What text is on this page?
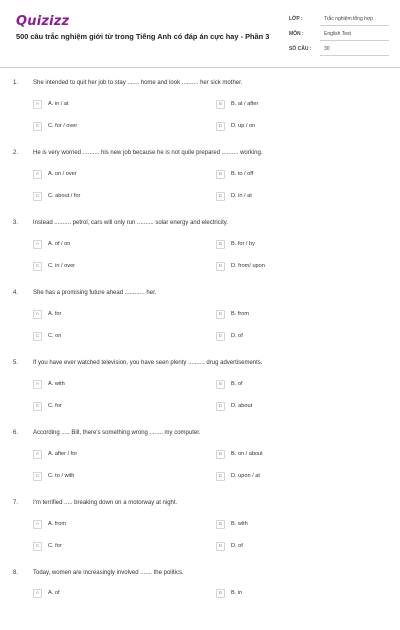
Quizizz
500 câu trắc nghiệm giới từ trong Tiếng Anh có đáp án cực hay - Phần 3
LỚP :	Trắc nghiệm tổng hợp
MÔN :	English Test
SỐ CÂU :	30
1. She intended to quit her job to stay ....... home and look .......... her sick mother.
A	A. in / at	B	B. at / after
C	C. for / over	D	D. up / on
2. He is very worried .......... his new job because he is not quite prepared .......... working.
A	A. on / over	B	B. to / off
C	C. about / for	D	D. in / at
3. Instead .......... petrol, cars will only run .......... solar energy and electricity.
A	A. of / on	B	B. for / by
C	C. in / over	D	D. from/ upon
4. She has a promising future ahead ............ her.
A	A. for	B	B. from
C	C. on	D	D. of
5. If you have ever watched television, you have seen plenty .......... drug advertisements.
A	A. with	B	B. of
C	C. for	D	D. about
6. According ..... Bill, there's something wrong ........ my computer.
A	A. after / for	B	B. on / about
C	C. to / with	D	D. upon / at
7. I'm terrified ..... breaking down on a motorway at night.
A	A. from	B	B. with
C	C. for	D	D. of
8. Today, women are increasingly involved ....... the politics.
A	A. of	B	B. in
